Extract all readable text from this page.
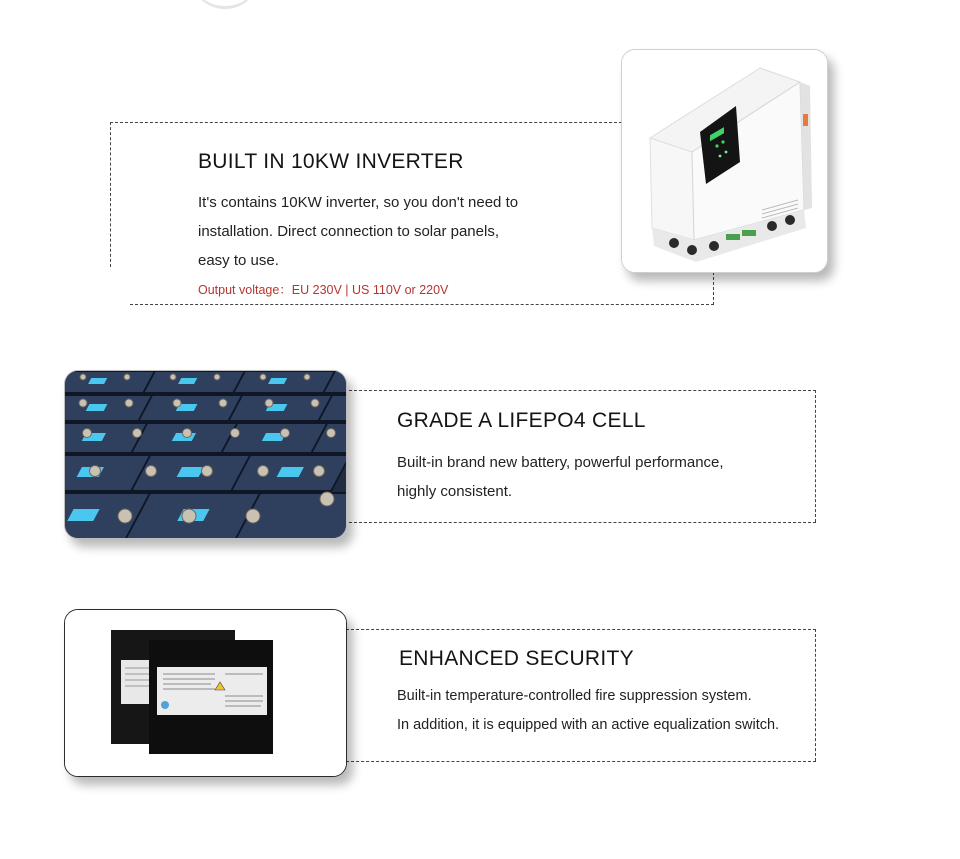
BUILT IN 10KW INVERTER
It's contains 10KW inverter, so you don't need to
installation. Direct connection to solar panels,
easy to use.
Output voltage：EU 230V | US 110V or 220V
GRADE A LIFEPO4 CELL
Built-in brand new battery, powerful performance,
highly consistent.
ENHANCED SECURITY
Built-in temperature-controlled fire suppression system.
In addition, it is equipped with an active equalization switch.
